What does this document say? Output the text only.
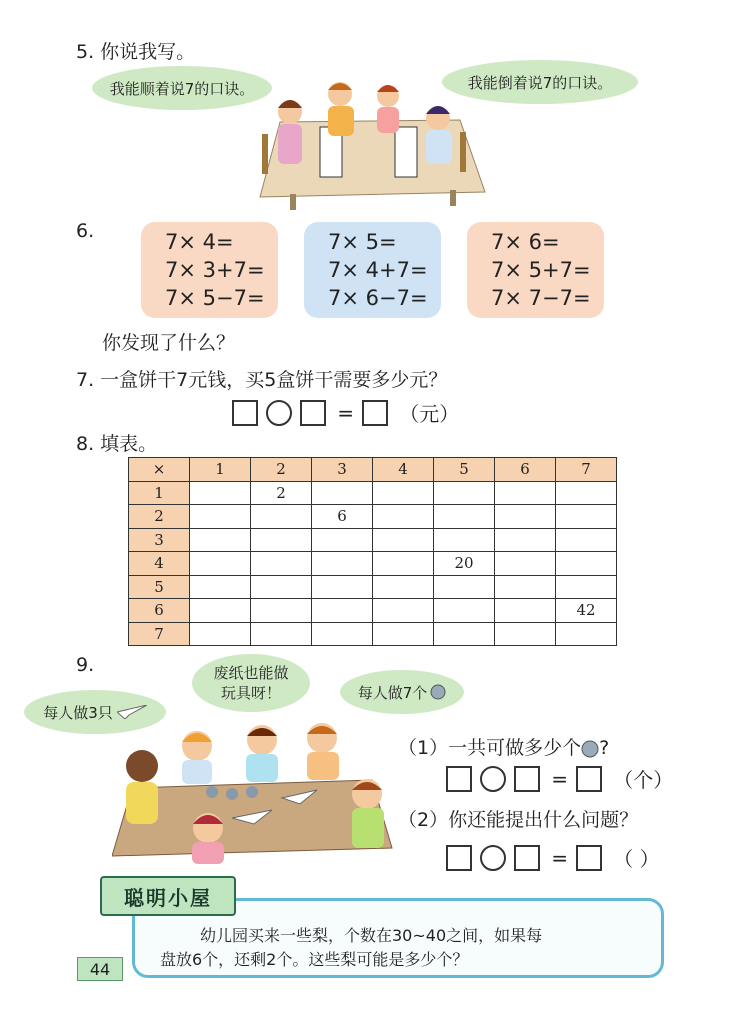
5. 你说我写。
我能顺着说7的口诀。	我能倒着说7的口诀。
6.	7× 4=
7× 3+7=
7× 5−7=
7× 5=
7× 4+7=
7× 6−7=
7× 6=
7× 5+7=
7× 7−7=
你发现了什么？
7. 一盒饼干7元钱，买5盒饼干需要多少元？
= （元）
8. 填表。
×	1	2	3	4	5	6	7
1		2					
2			6				
3							
4					20		
5							
6							42
7							
9.
每人做3只
废纸也能做
玩具呀！	每人做7个
（1）一共可做多少个 ?
= （个）
（2）你还能提出什么问题？
= （ ）
聪明小屋
幼儿园买来一些梨，个数在30~40之间，如果每
盘放6个，还剩2个。这些梨可能是多少个？
44
